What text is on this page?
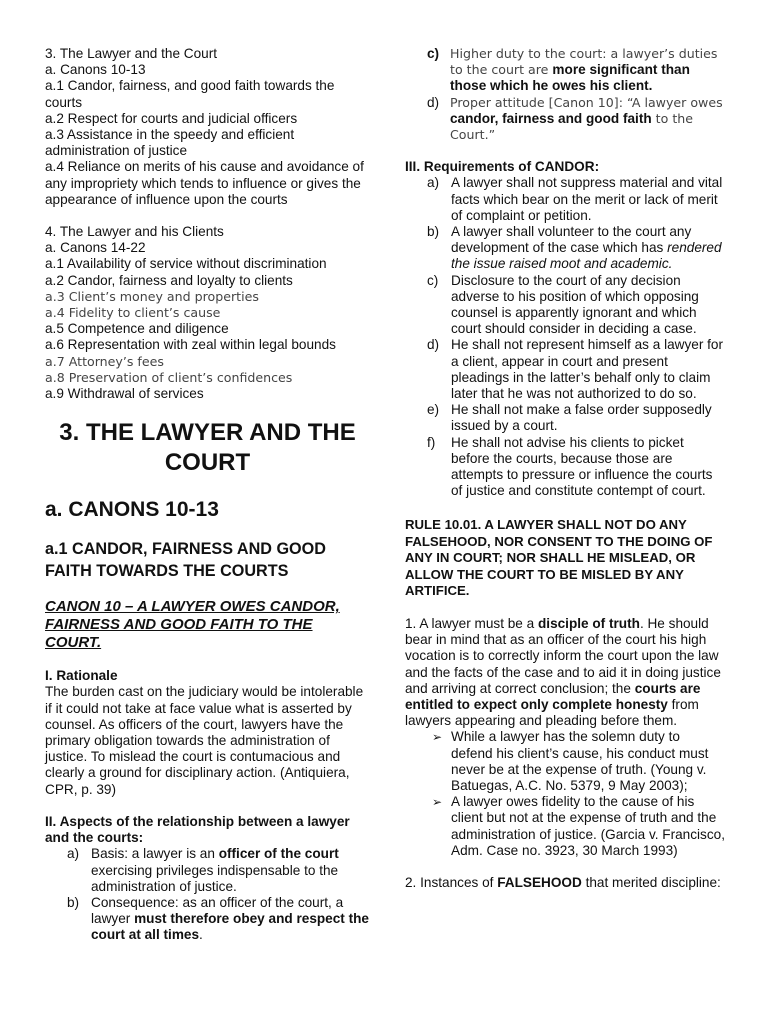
3. The Lawyer and the Court

a. Canons 10-13

a.1 Candor, fairness, and good faith towards the courts

a.2 Respect for courts and judicial officers

a.3 Assistance in the speedy and efficient administration of justice

a.4 Reliance on merits of his cause and avoidance of any impropriety which tends to influence or gives the appearance of influence upon the courts

4. The Lawyer and his Clients

a. Canons 14-22

a.1 Availability of service without discrimination

a.2 Candor, fairness and loyalty to clients

a.3 Client’s money and properties

a.4 Fidelity to client’s cause

a.5 Competence and diligence

a.6 Representation with zeal within legal bounds

a.7 Attorney’s fees

a.8 Preservation of client’s confidences

a.9 Withdrawal of services

3. THE LAWYER AND THE COURT
a. CANONS 10-13
a.1 CANDOR, FAIRNESS AND GOOD FAITH TOWARDS THE COURTS

CANON 10 – A LAWYER OWES CANDOR, FAIRNESS AND GOOD FAITH TO THE COURT.

I. Rationale

The burden cast on the judiciary would be intolerable if it could not take at face value what is asserted by counsel. As officers of the court, lawyers have the primary obligation towards the administration of justice. To mislead the court is contumacious and clearly a ground for disciplinary action. (Antiquiera, CPR, p. 39)

II. Aspects of the relationship between a lawyer and the courts:

a) Basis: a lawyer is an officer of the court exercising privileges indispensable to the administration of justice.
b) Consequence: as an officer of the court, a lawyer must therefore obey and respect the court at all times.
c) Higher duty to the court: a lawyer’s duties to the court are more significant than those which he owes his client.
d) Proper attitude [Canon 10]: “A lawyer owes candor, fairness and good faith to the Court.”

III. Requirements of CANDOR:

a) A lawyer shall not suppress material and vital facts which bear on the merit or lack of merit of complaint or petition.
b) A lawyer shall volunteer to the court any development of the case which has rendered the issue raised moot and academic.
c) Disclosure to the court of any decision adverse to his position of which opposing counsel is apparently ignorant and which court should consider in deciding a case.
d) He shall not represent himself as a lawyer for a client, appear in court and present pleadings in the latter’s behalf only to claim later that he was not authorized to do so.
e) He shall not make a false order supposedly issued by a court.
f) He shall not advise his clients to picket before the courts, because those are attempts to pressure or influence the courts of justice and constitute contempt of court.

RULE 10.01. A LAWYER SHALL NOT DO ANY FALSEHOOD, NOR CONSENT TO THE DOING OF ANY IN COURT; NOR SHALL HE MISLEAD, OR ALLOW THE COURT TO BE MISLED BY ANY ARTIFICE.

1. A lawyer must be a disciple of truth. He should bear in mind that as an officer of the court his high vocation is to correctly inform the court upon the law and the facts of the case and to aid it in doing justice and arriving at correct conclusion; the courts are entitled to expect only complete honesty from lawyers appearing and pleading before them.

➢ While a lawyer has the solemn duty to defend his client’s cause, his conduct must never be at the expense of truth. (Young v. Batuegas, A.C. No. 5379, 9 May 2003);
➢ A lawyer owes fidelity to the cause of his client but not at the expense of truth and the administration of justice. (Garcia v. Francisco, Adm. Case no. 3923, 30 March 1993)

2. Instances of FALSEHOOD that merited discipline:
